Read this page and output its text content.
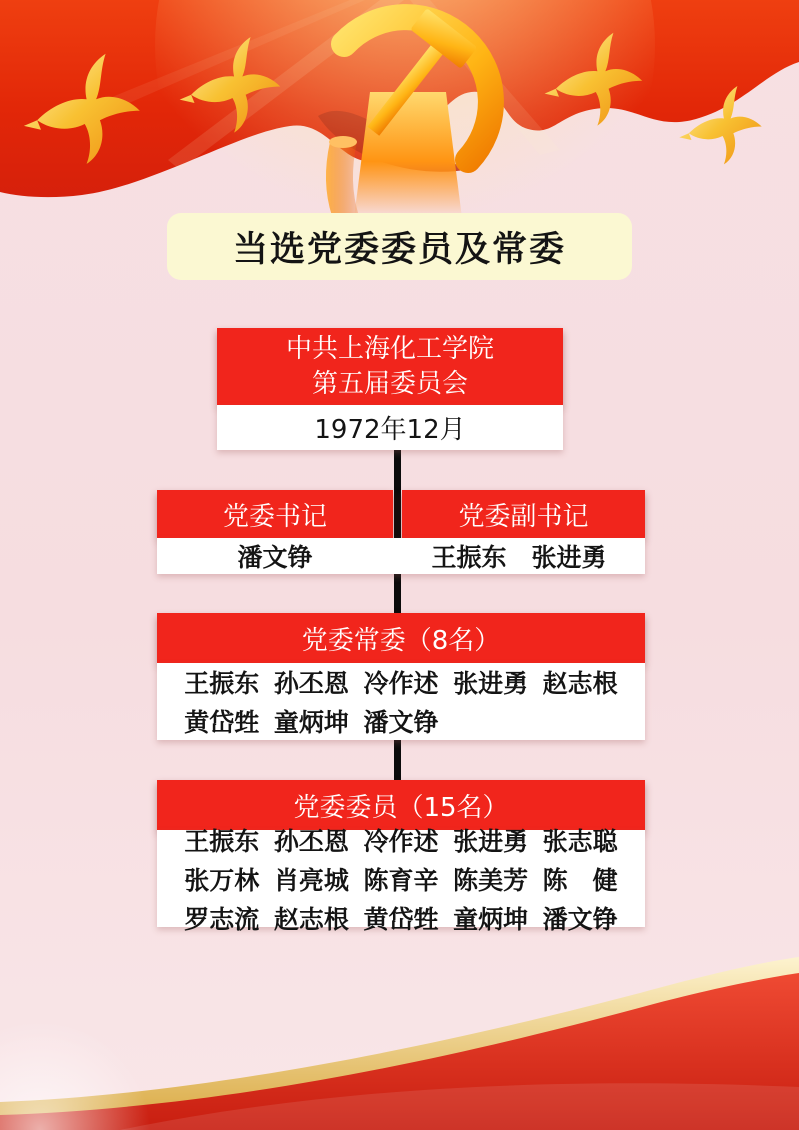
当选党委委员及常委
中共上海化工学院
第五届委员会
1972年12月
党委书记	党委副书记
潘文铮	王振东　张进勇
党委常委（8名）
王振东 孙丕恩 冷作述 张进勇 赵志根
黄岱甡 童炳坤 潘文铮
党委委员（15名）
王振东 孙丕恩 冷作述 张进勇 张志聪
张万林 肖亮城 陈育辛 陈美芳 陈　健
罗志流 赵志根 黄岱甡 童炳坤 潘文铮
